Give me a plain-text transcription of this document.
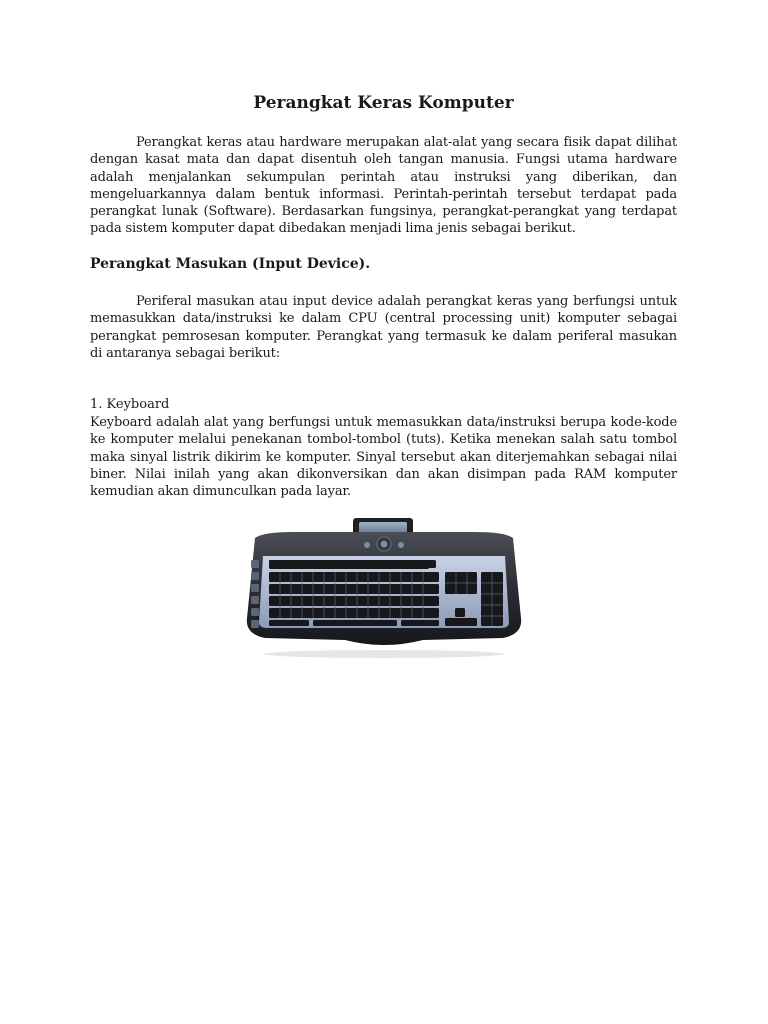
Perangkat Keras Komputer

Perangkat keras atau hardware merupakan alat-alat yang secara fisik dapat dilihat dengan kasat mata dan dapat disentuh oleh tangan manusia. Fungsi utama hardware adalah menjalankan sekumpulan perintah atau instruksi yang diberikan, dan mengeluarkannya dalam bentuk informasi. Perintah-perintah tersebut terdapat pada perangkat lunak (Software). Berdasarkan fungsinya, perangkat-perangkat yang terdapat pada sistem komputer dapat dibedakan menjadi lima jenis sebagai berikut.

Perangkat Masukan (Input Device).

Periferal masukan atau input device adalah perangkat keras yang berfungsi untuk memasukkan data/instruksi ke dalam CPU (central processing unit) komputer sebagai perangkat pemrosesan komputer. Perangkat yang termasuk ke dalam periferal masukan di antaranya sebagai berikut:

1. Keyboard

Keyboard adalah alat yang berfungsi untuk memasukkan data/instruksi berupa kode-kode ke komputer melalui penekanan tombol-tombol (tuts). Ketika menekan salah satu tombol maka sinyal listrik dikirim ke komputer. Sinyal tersebut akan diterjemahkan sebagai nilai biner. Nilai inilah yang akan dikonversikan dan akan disimpan pada RAM komputer kemudian akan dimunculkan pada layar.
